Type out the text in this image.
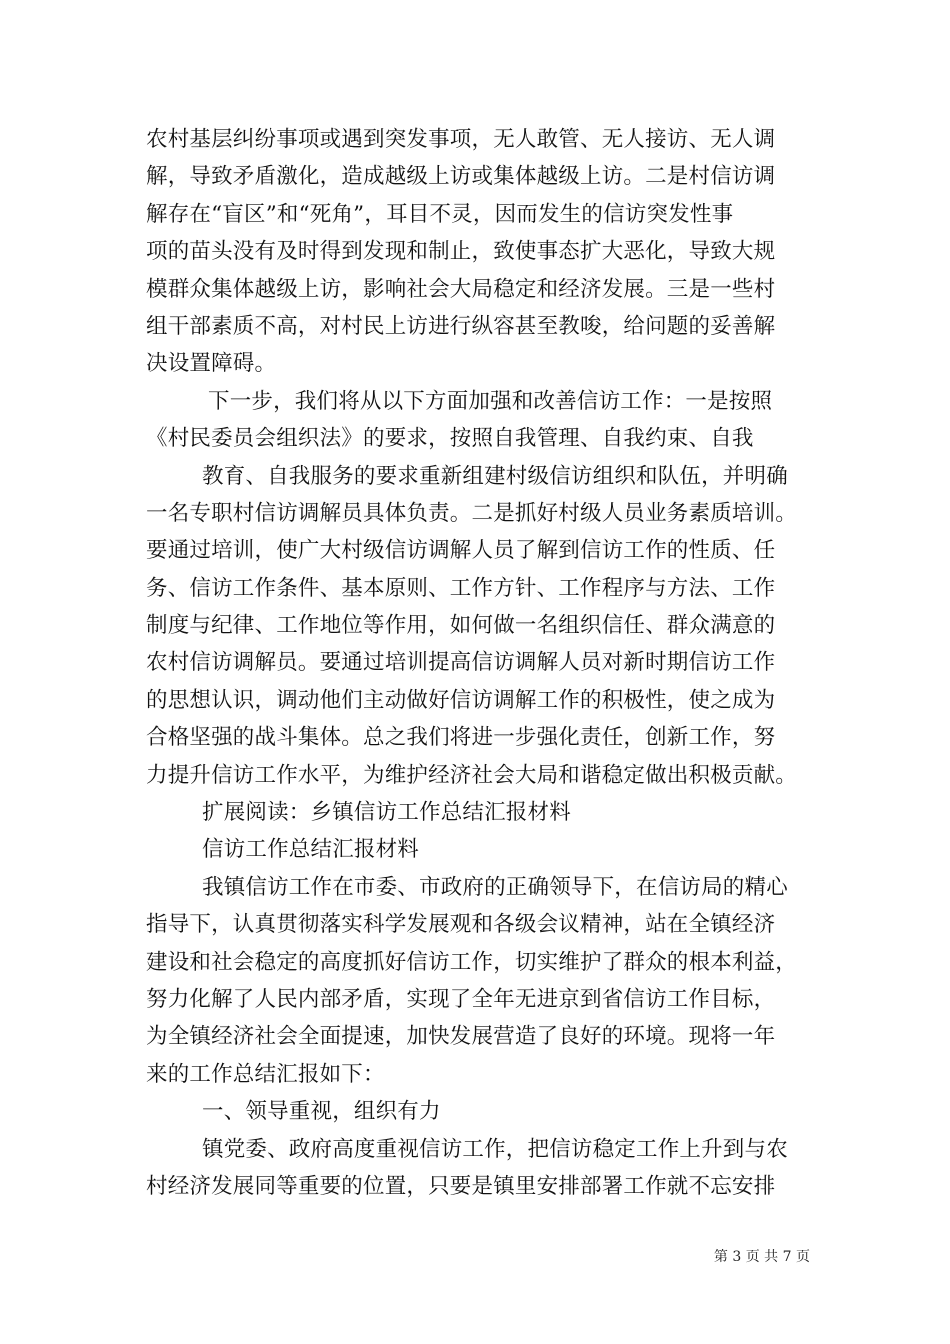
农村基层纠纷事项或遇到突发事项，无人敢管、无人接访、无人调
解，导致矛盾激化，造成越级上访或集体越级上访。二是村信访调
解存在“盲区”和“死角”，耳目不灵，因而发生的信访突发性事
项的苗头没有及时得到发现和制止，致使事态扩大恶化，导致大规
模群众集体越级上访，影响社会大局稳定和经济发展。三是一些村
组干部素质不高，对村民上访进行纵容甚至教唆，给问题的妥善解
决设置障碍。
下一步，我们将从以下方面加强和改善信访工作：一是按照
《村民委员会组织法》的要求，按照自我管理、自我约束、自我
教育、自我服务的要求重新组建村级信访组织和队伍，并明确
一名专职村信访调解员具体负责。二是抓好村级人员业务素质培训。
要通过培训，使广大村级信访调解人员了解到信访工作的性质、任
务、信访工作条件、基本原则、工作方针、工作程序与方法、工作
制度与纪律、工作地位等作用，如何做一名组织信任、群众满意的
农村信访调解员。要通过培训提高信访调解人员对新时期信访工作
的思想认识，调动他们主动做好信访调解工作的积极性，使之成为
合格坚强的战斗集体。总之我们将进一步强化责任，创新工作，努
力提升信访工作水平，为维护经济社会大局和谐稳定做出积极贡献。
扩展阅读：乡镇信访工作总结汇报材料
信访工作总结汇报材料
我镇信访工作在市委、市政府的正确领导下，在信访局的精心
指导下，认真贯彻落实科学发展观和各级会议精神，站在全镇经济
建设和社会稳定的高度抓好信访工作，切实维护了群众的根本利益，
努力化解了人民内部矛盾，实现了全年无进京到省信访工作目标，
为全镇经济社会全面提速，加快发展营造了良好的环境。现将一年
来的工作总结汇报如下：
一、领导重视，组织有力
镇党委、政府高度重视信访工作，把信访稳定工作上升到与农
村经济发展同等重要的位置，只要是镇里安排部署工作就不忘安排
第 3 页 共 7 页
